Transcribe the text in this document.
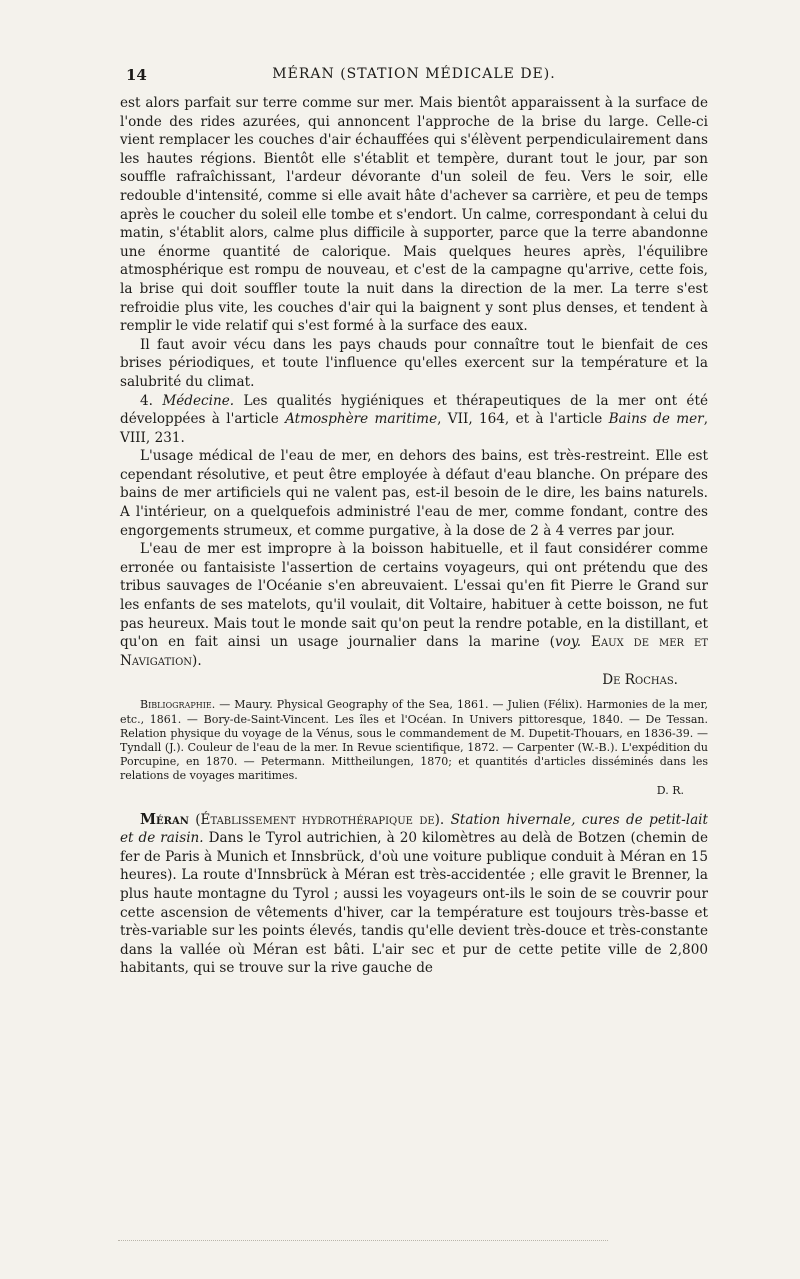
14	MÉRAN (STATION MÉDICALE DE).

est alors parfait sur terre comme sur mer. Mais bientôt apparaissent à la surface de l'onde des rides azurées, qui annoncent l'approche de la brise du large. Celle-ci vient remplacer les couches d'air échauffées qui s'élèvent perpendiculairement dans les hautes régions. Bientôt elle s'établit et tempère, durant tout le jour, par son souffle rafraîchissant, l'ardeur dévorante d'un soleil de feu. Vers le soir, elle redouble d'intensité, comme si elle avait hâte d'achever sa carrière, et peu de temps après le coucher du soleil elle tombe et s'endort. Un calme, correspondant à celui du matin, s'établit alors, calme plus difficile à supporter, parce que la terre abandonne une énorme quantité de calorique. Mais quelques heures après, l'équilibre atmosphérique est rompu de nouveau, et c'est de la campagne qu'arrive, cette fois, la brise qui doit souffler toute la nuit dans la direction de la mer. La terre s'est refroidie plus vite, les couches d'air qui la baignent y sont plus denses, et tendent à remplir le vide relatif qui s'est formé à la surface des eaux.

Il faut avoir vécu dans les pays chauds pour connaître tout le bienfait de ces brises périodiques, et toute l'influence qu'elles exercent sur la température et la salubrité du climat.

4. Médecine. Les qualités hygiéniques et thérapeutiques de la mer ont été développées à l'article Atmosphère maritime, VII, 164, et à l'article Bains de mer, VIII, 231.

L'usage médical de l'eau de mer, en dehors des bains, est très-restreint. Elle est cependant résolutive, et peut être employée à défaut d'eau blanche. On prépare des bains de mer artificiels qui ne valent pas, est-il besoin de le dire, les bains naturels. A l'intérieur, on a quelquefois administré l'eau de mer, comme fondant, contre des engorgements strumeux, et comme purgative, à la dose de 2 à 4 verres par jour.

L'eau de mer est impropre à la boisson habituelle, et il faut considérer comme erronée ou fantaisiste l'assertion de certains voyageurs, qui ont prétendu que des tribus sauvages de l'Océanie s'en abreuvaient. L'essai qu'en fit Pierre le Grand sur les enfants de ses matelots, qu'il voulait, dit Voltaire, habituer à cette boisson, ne fut pas heureux. Mais tout le monde sait qu'on peut la rendre potable, en la distillant, et qu'on en fait ainsi un usage journalier dans la marine (voy. Eaux de mer et Navigation).

De Rochas.

Bibliographie. — Maury. Physical Geography of the Sea, 1861. — Julien (Félix). Harmonies de la mer, etc., 1861. — Bory-de-Saint-Vincent. Les îles et l'Océan. In Univers pittoresque, 1840. — De Tessan. Relation physique du voyage de la Vénus, sous le commandement de M. Dupetit-Thouars, en 1836-39. — Tyndall (J.). Couleur de l'eau de la mer. In Revue scientifique, 1872. — Carpenter (W.-B.). L'expédition du Porcupine, en 1870. — Petermann. Mittheilungen, 1870; et quantités d'articles disséminés dans les relations de voyages maritimes.

D. R.

Méran (Établissement hydrothérapique de). Station hivernale, cures de petit-lait et de raisin. Dans le Tyrol autrichien, à 20 kilomètres au delà de Botzen (chemin de fer de Paris à Munich et Innsbrück, d'où une voiture publique conduit à Méran en 15 heures). La route d'Innsbrück à Méran est très-accidentée ; elle gravit le Brenner, la plus haute montagne du Tyrol ; aussi les voyageurs ont-ils le soin de se couvrir pour cette ascension de vêtements d'hiver, car la température est toujours très-basse et très-variable sur les points élevés, tandis qu'elle devient très-douce et très-constante dans la vallée où Méran est bâti. L'air sec et pur de cette petite ville de 2,800 habitants, qui se trouve sur la rive gauche de
